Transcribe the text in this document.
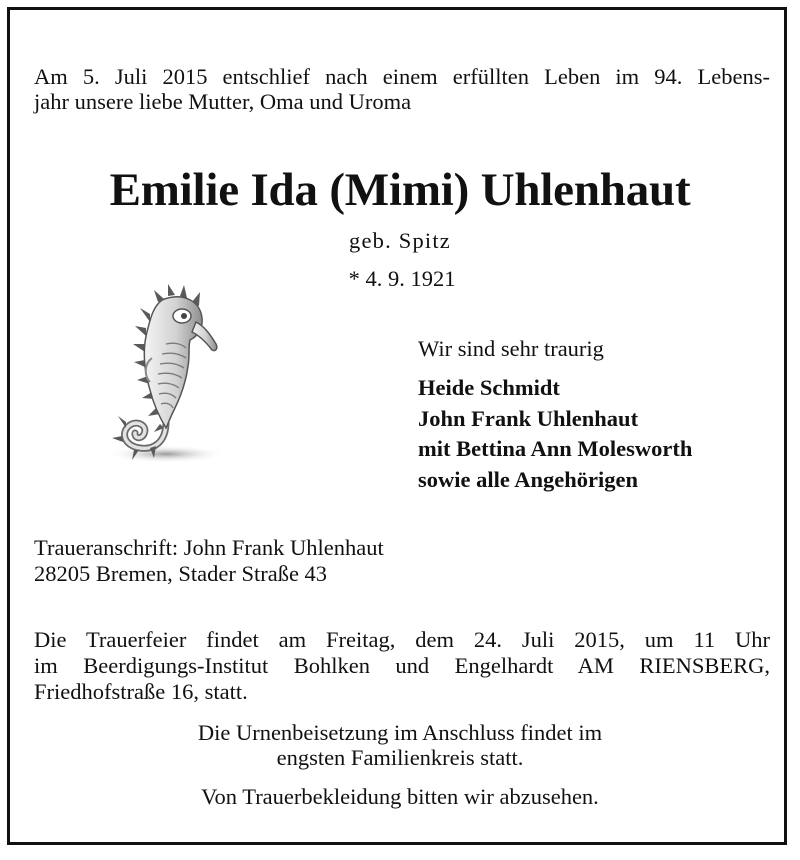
Am 5. Juli 2015 entschlief nach einem erfüllten Leben im 94. Lebens-
jahr unsere liebe Mutter, Oma und Uroma
Emilie Ida (Mimi) Uhlenhaut
geb. Spitz
* 4. 9. 1921
Wir sind sehr traurig
Heide Schmidt
John Frank Uhlenhaut
mit Bettina Ann Molesworth
sowie alle Angehörigen
Traueranschrift: John Frank Uhlenhaut
28205 Bremen, Stader Straße 43
Die Trauerfeier findet am Freitag, dem 24. Juli 2015, um 11 Uhr
im Beerdigungs-Institut Bohlken und Engelhardt AM RIENSBERG,
Friedhofstraße 16, statt.
Die Urnenbeisetzung im Anschluss findet im
engsten Familienkreis statt.
Von Trauerbekleidung bitten wir abzusehen.
